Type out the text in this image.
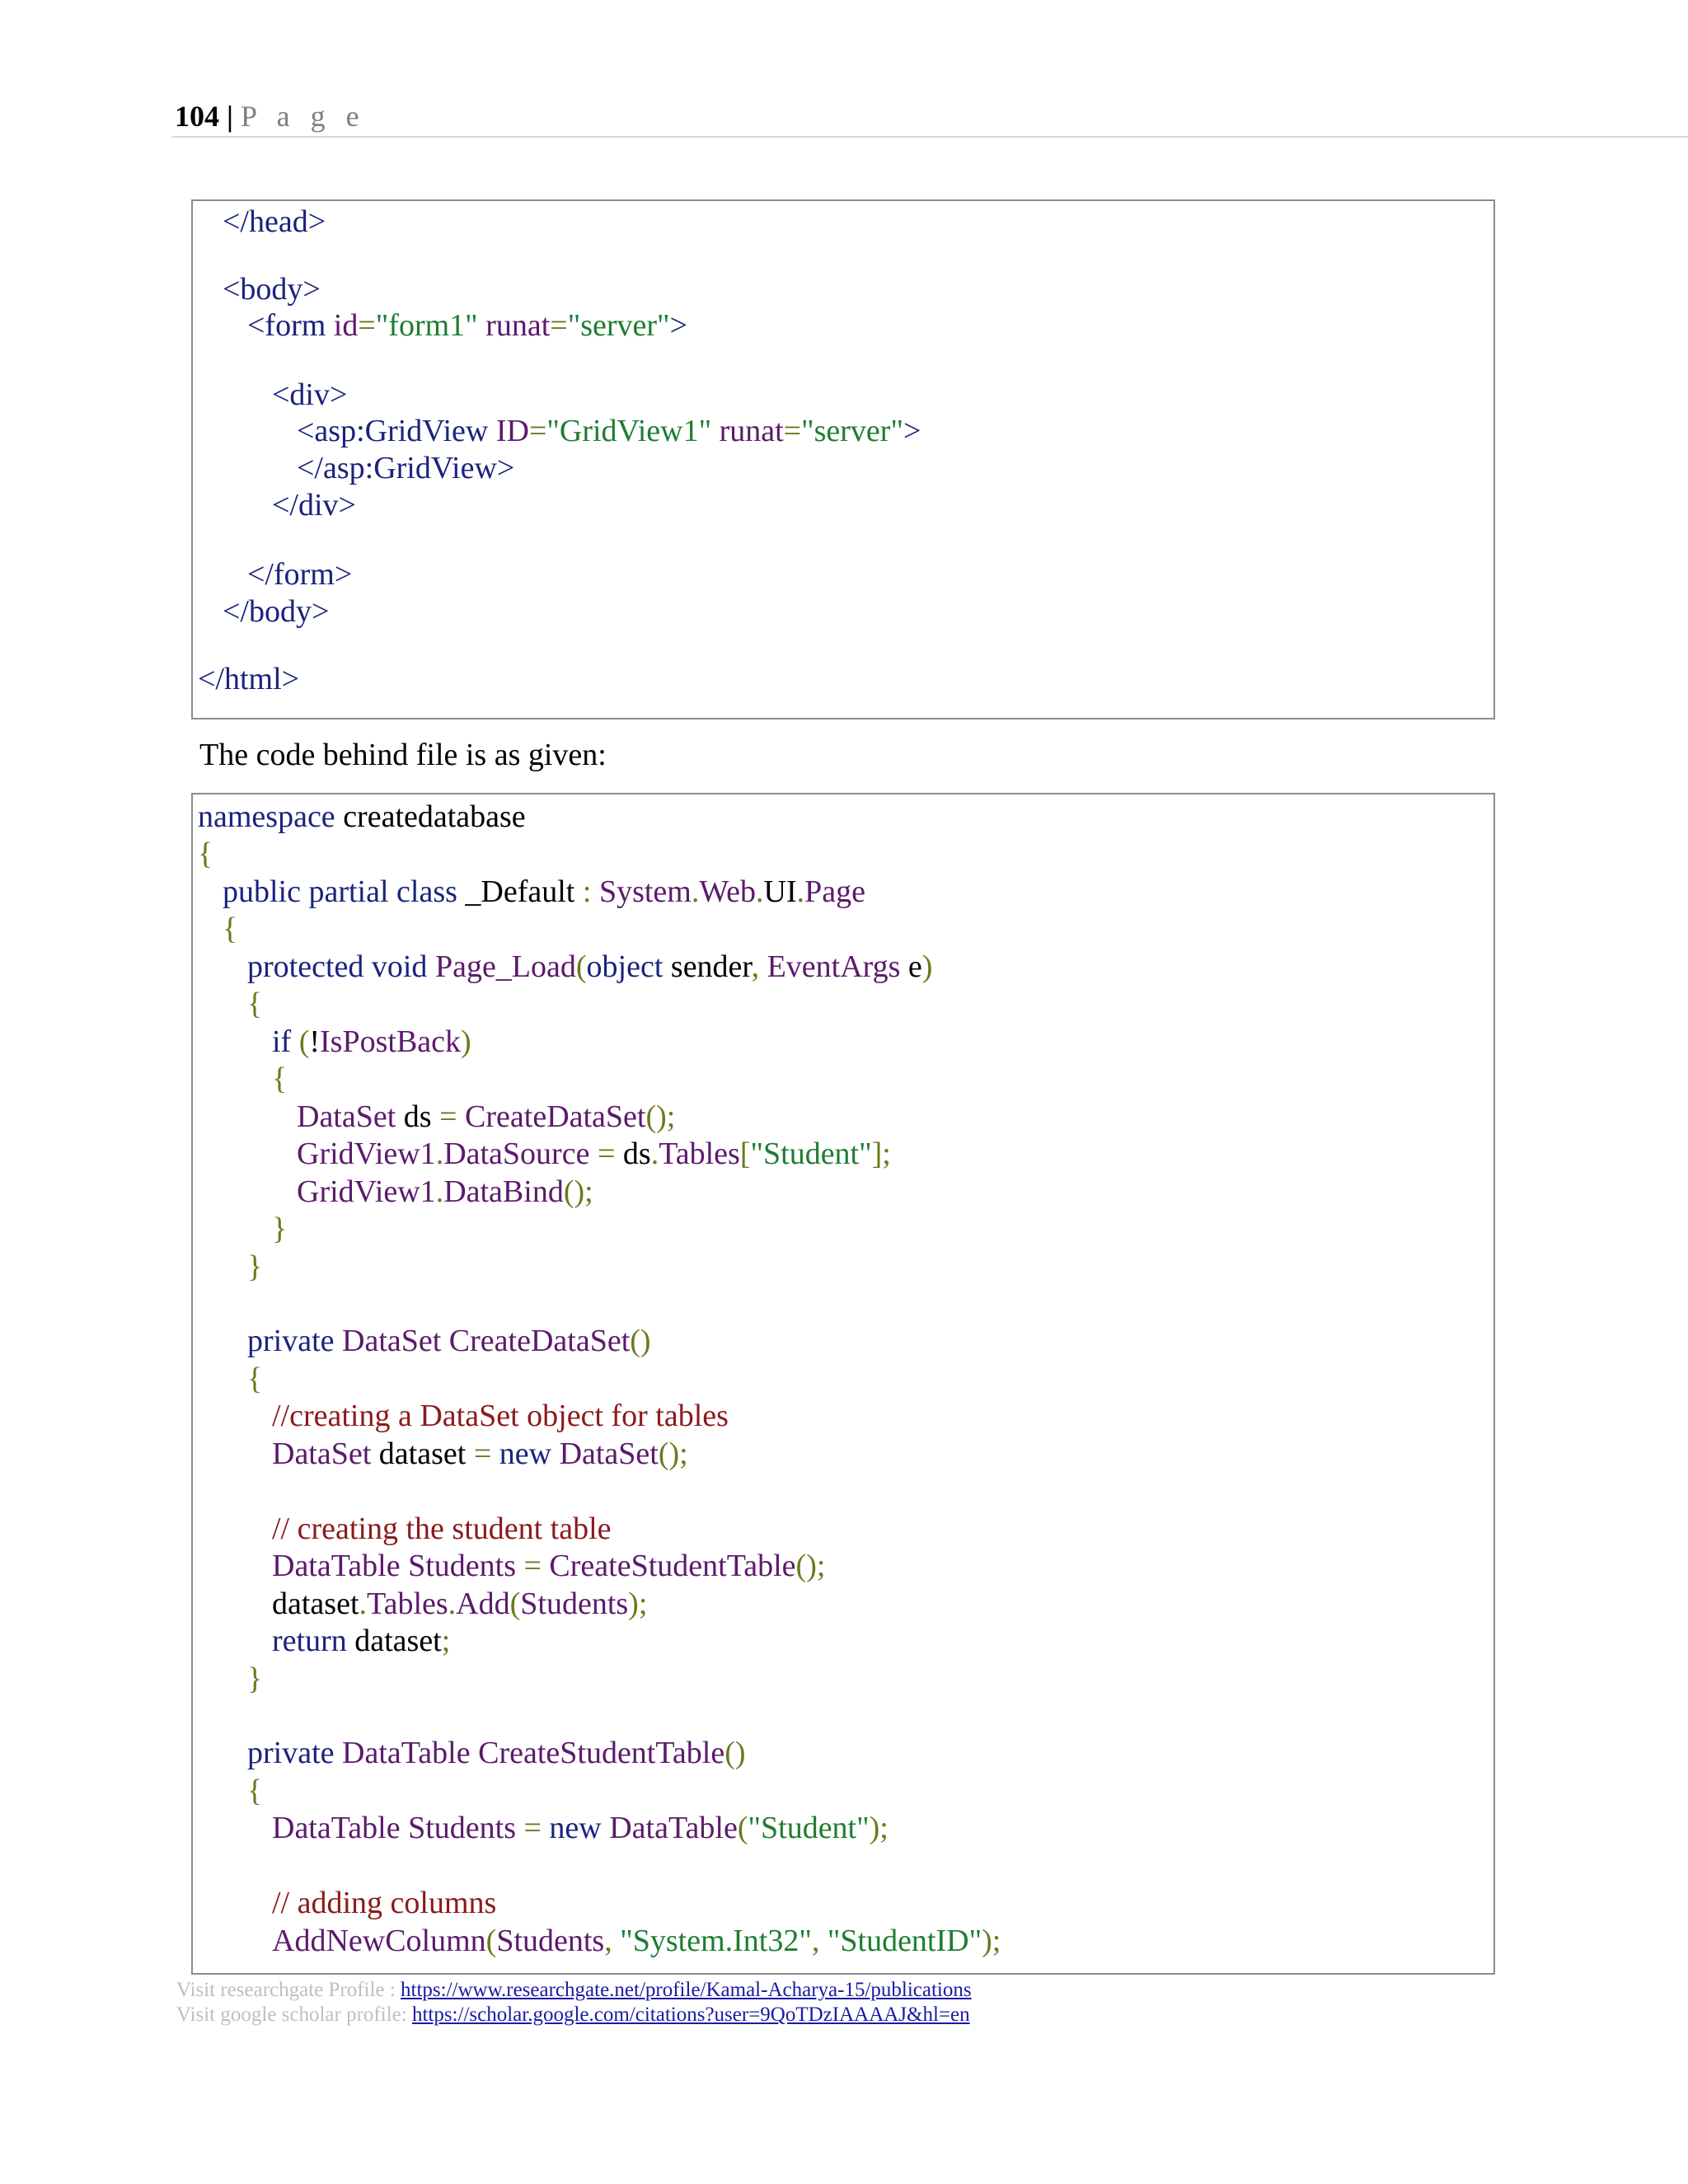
104 | P a g e
</head>
<body>
<form id="form1" runat="server">
<div>
<asp:GridView ID="GridView1" runat="server">
</asp:GridView>
</div>
</form>
</body>
</html>
The code behind file is as given:
namespace createdatabase
{
public partial class _Default : System.Web.UI.Page
{
protected void Page_Load(object sender, EventArgs e)
{
if (!IsPostBack)
{
DataSet ds = CreateDataSet();
GridView1.DataSource = ds.Tables["Student"];
GridView1.DataBind();
}
}
private DataSet CreateDataSet()
{
//creating a DataSet object for tables
DataSet dataset = new DataSet();
// creating the student table
DataTable Students = CreateStudentTable();
dataset.Tables.Add(Students);
return dataset;
}
private DataTable CreateStudentTable()
{
DataTable Students = new DataTable("Student");
// adding columns
AddNewColumn(Students, "System.Int32", "StudentID");
Visit researchgate Profile : https://www.researchgate.net/profile/Kamal-Acharya-15/publications
Visit google scholar profile: https://scholar.google.com/citations?user=9QoTDzIAAAAJ&hl=en
